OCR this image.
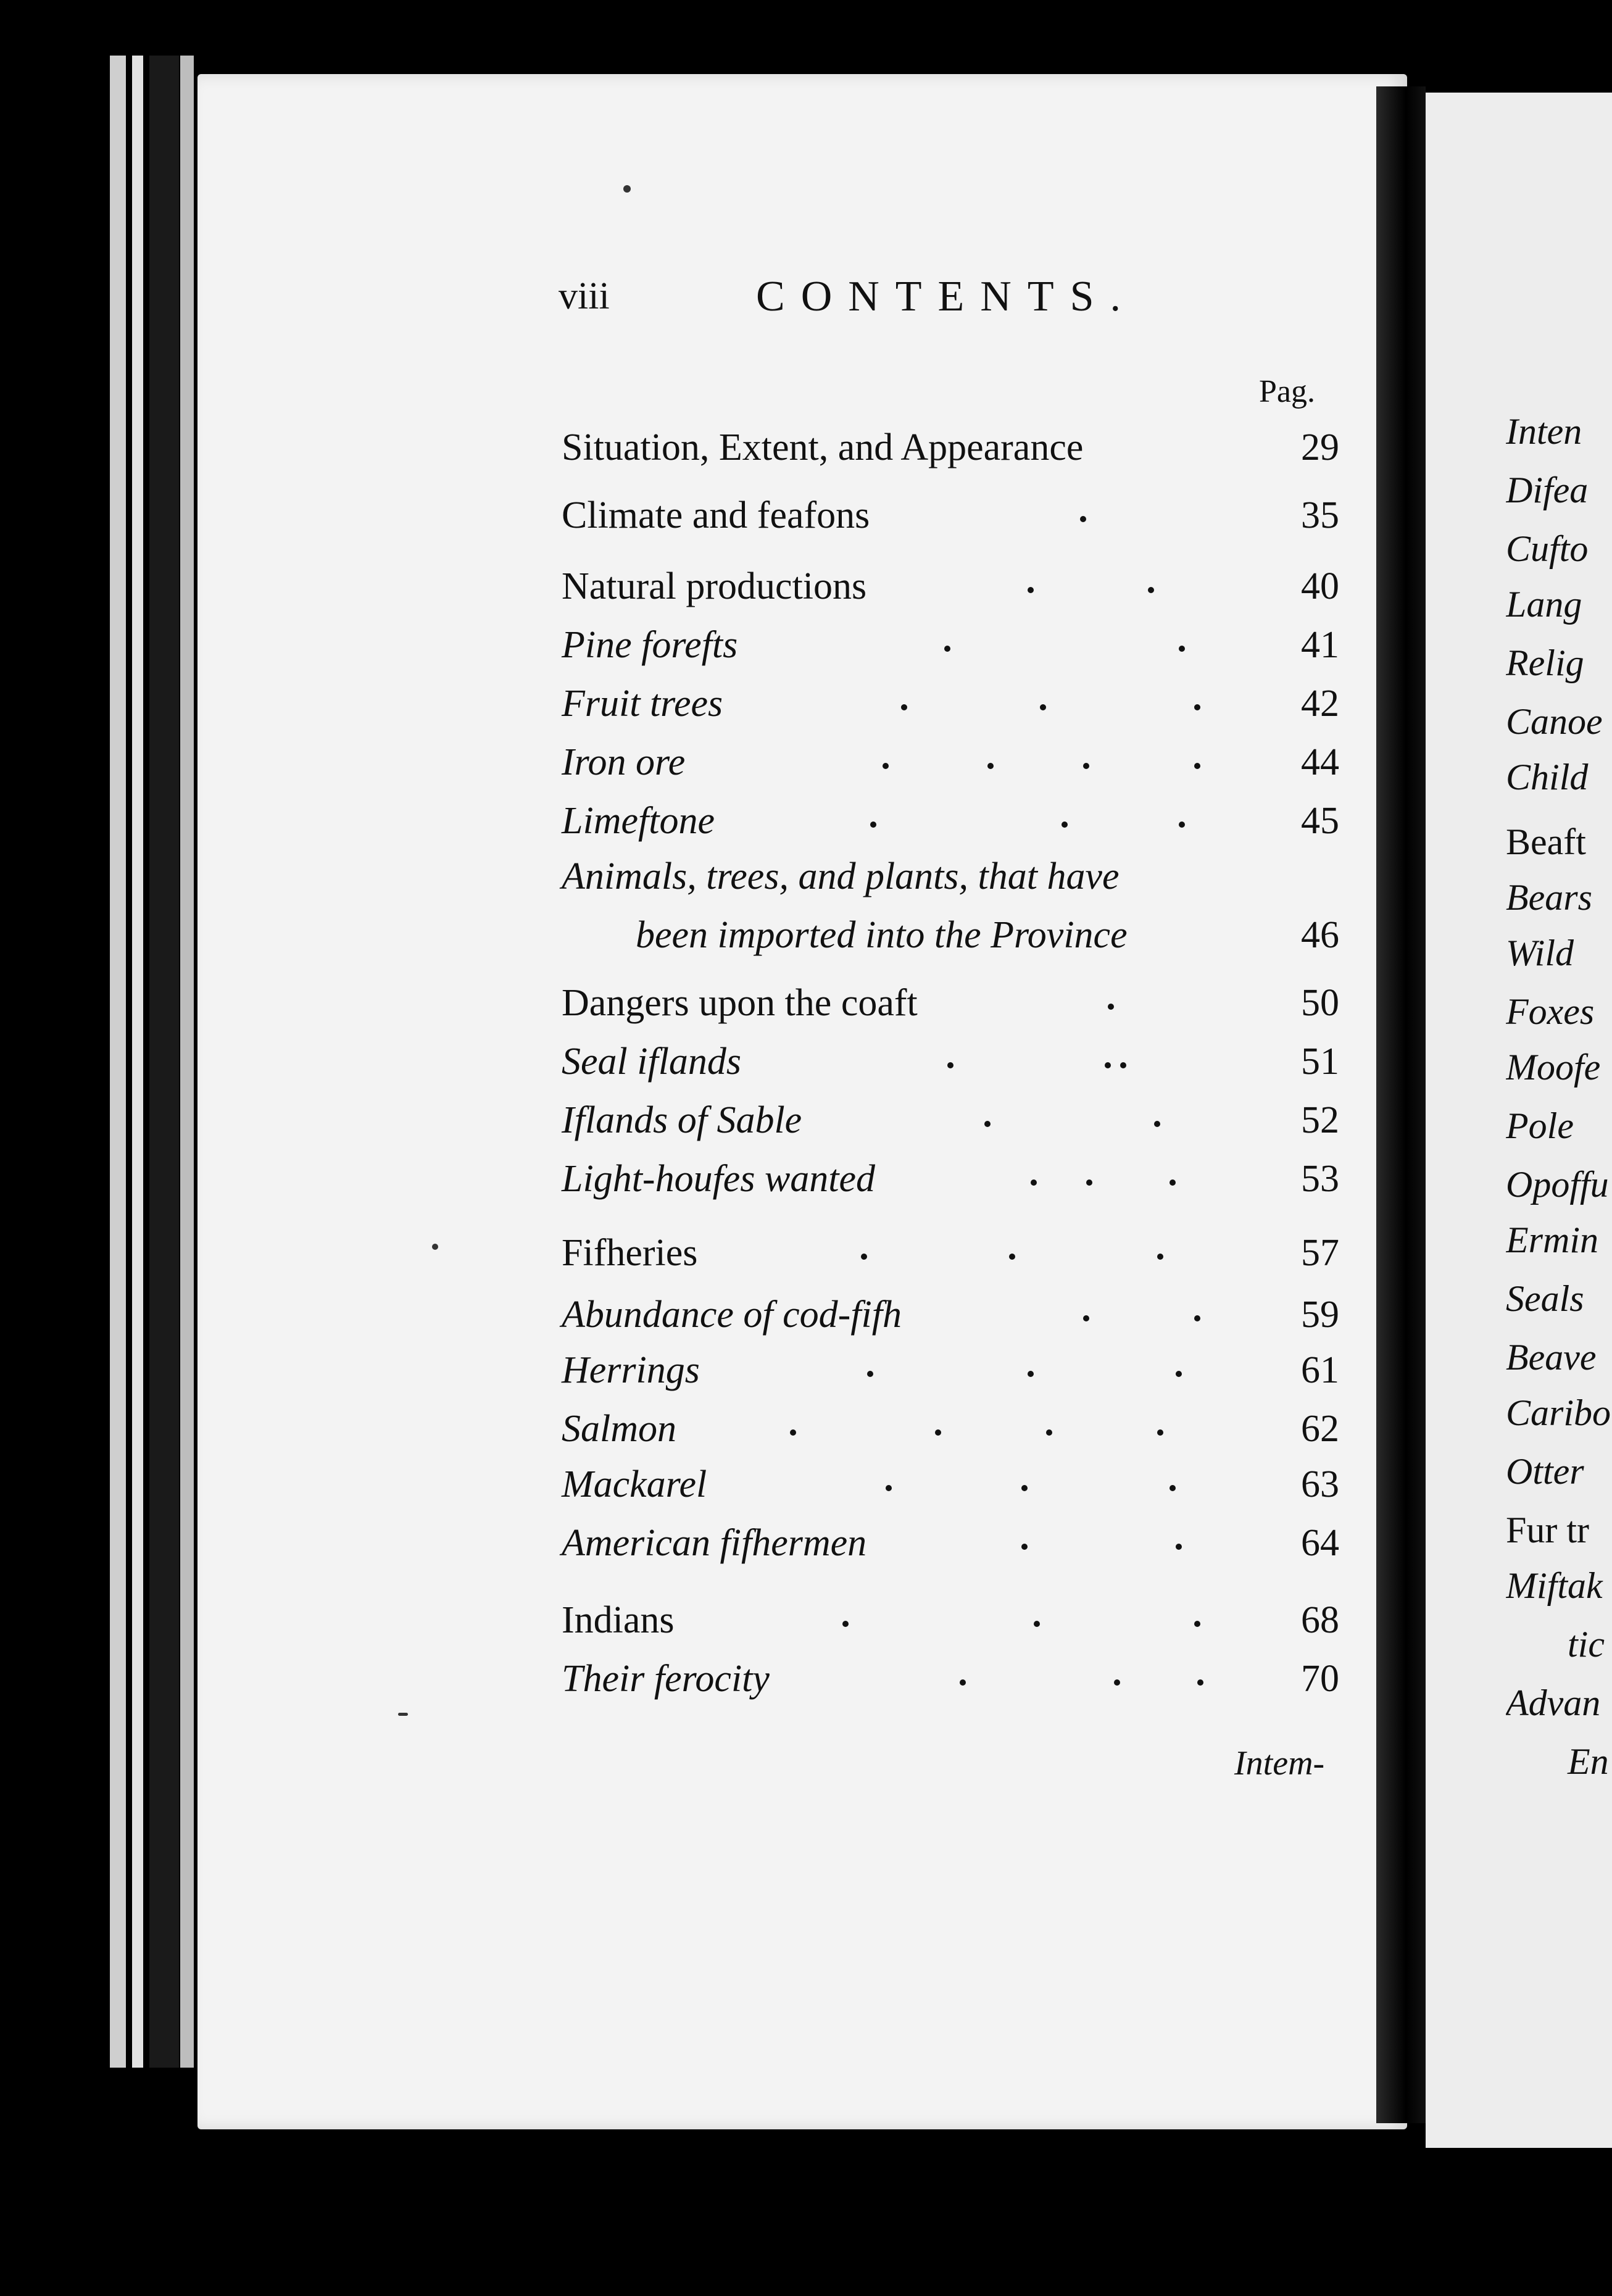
viii	CONTENTS.
Pag.
Situation, Extent, and Appearance	29
Climate and feafons	35
Natural productions	40
Pine forefts	41
Fruit trees	42
Iron ore	44
Limeftone	45
Animals, trees, and plants, that have
been imported into the Province	46
Dangers upon the coaft	50
Seal iflands	51
Iflands of Sable	52
Light-houfes wanted	53
Fifheries	57
Abundance of cod-fifh	59
Herrings	61
Salmon	62
Mackarel	63
American fifhermen	64
Indians	68
Their ferocity	70
Intem-
Inten
Difea
Cufto
Lang
Relig
Canoe
Child
Beaft
Bears
Wild
Foxes
Moofe
Pole
Opoffu
Ermin
Seals
Beave
Caribo
Otter
Fur tr
Miftak
tic
Advan
En
